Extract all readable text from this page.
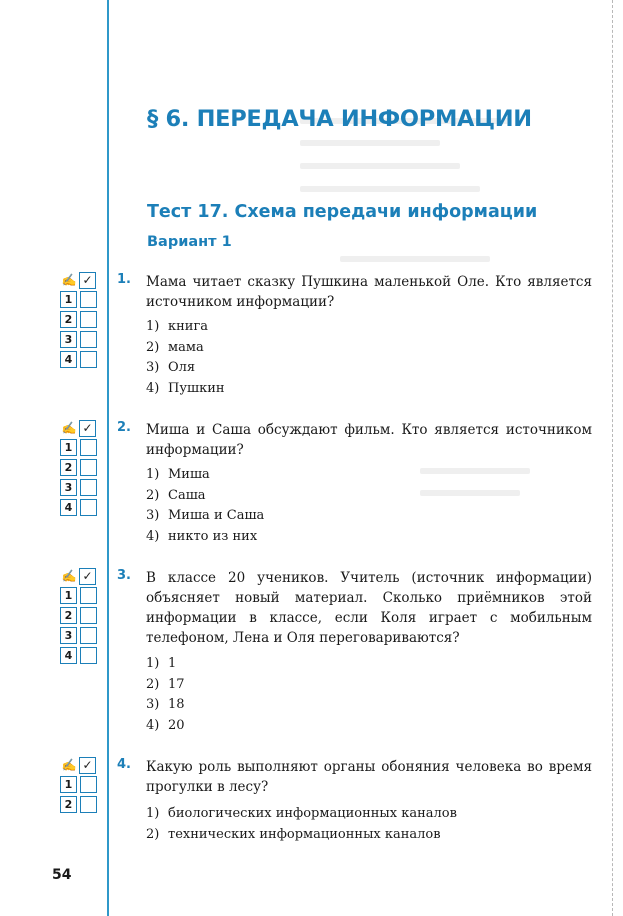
§ 6. ПЕРЕДАЧА ИНФОРМАЦИИ
Тест 17. Схема передачи информации
Вариант 1
✍ ✓
1
2
3
4
1. Мама читает сказку Пушкина маленькой Оле. Кто является источником информации?
1) книга
2) мама
3) Оля
4) Пушкин
✍ ✓
1
2
3
4
2. Миша и Саша обсуждают фильм. Кто является источником информации?
1) Миша
2) Саша
3) Миша и Саша
4) никто из них
✍ ✓
1
2
3
4
3. В классе 20 учеников. Учитель (источник информации) объясняет новый материал. Сколько приёмников этой информации в классе, если Коля играет с мобильным телефоном, Лена и Оля переговариваются?
1) 1
2) 17
3) 18
4) 20
✍ ✓
1
2
4. Какую роль выполняют органы обоняния человека во время прогулки в лесу?
1) биологических информационных каналов
2) технических информационных каналов
54
